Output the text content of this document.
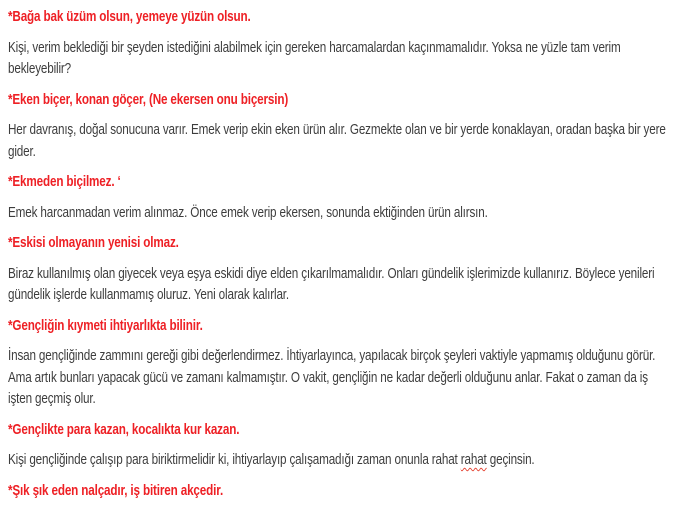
*Bağa bak üzüm olsun, yemeye yüzün olsun.

Kişi, verim beklediği bir şeyden istediğini alabilmek için gereken harcamalardan kaçınmamalıdır. Yoksa ne yüzle tam verim bekleyebilir?

*Eken biçer, konan göçer, (Ne ekersen onu biçersin)

Her davranış, doğal sonucuna varır. Emek verip ekin eken ürün alır. Gezmekte olan ve bir yerde konaklayan, oradan başka bir yere gider.

*Ekmeden biçilmez. ‘

Emek harcanmadan verim alınmaz. Önce emek verip ekersen, sonunda ektiğinden ürün alırsın.

*Eskisi olmayanın yenisi olmaz.

Biraz kullanılmış olan giyecek veya eşya eskidi diye elden çıkarılmamalıdır. Onları gündelik işlerimizde kullanırız. Böylece yenileri gündelik işlerde kullanmamış oluruz. Yeni olarak kalırlar.

*Gençliğin kıymeti ihtiyarlıkta bilinir.

İnsan gençliğinde zammını gereği gibi değerlendirmez. İhtiyarlayınca, yapılacak birçok şeyleri vaktiyle yapmamış olduğunu görür. Ama artık bunları yapacak gücü ve zamanı kalmamıştır. O vakit, gençliğin ne kadar değerli olduğunu anlar. Fakat o zaman da iş işten geçmiş olur.

*Gençlikte para kazan, kocalıkta kur kazan.

Kişi gençliğinde çalışıp para biriktirmelidir ki, ihtiyarlayıp çalışamadığı zaman onunla rahat rahat geçinsin.

*Şık şık eden nalçadır, iş bitiren akçedir.
